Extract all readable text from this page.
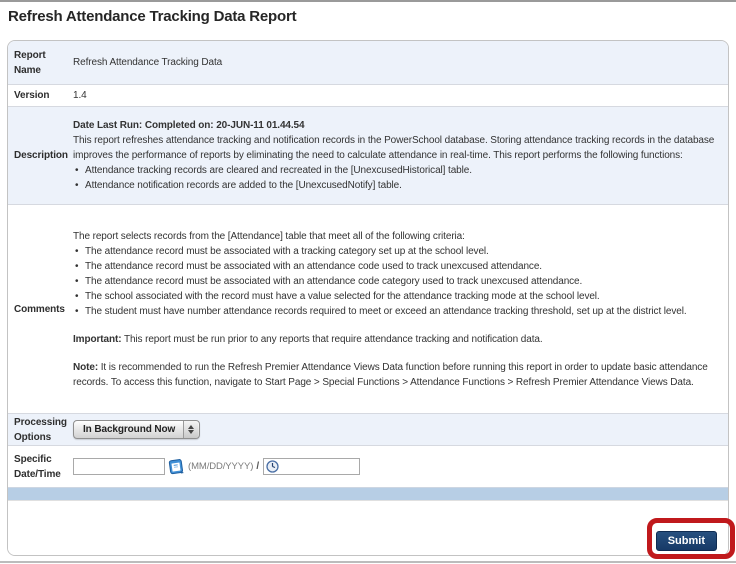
Refresh Attendance Tracking Data Report
Report Name
Refresh Attendance Tracking Data
Version	1.4
Description

Date Last Run: Completed on: 20-JUN-11 01.44.54

This report refreshes attendance tracking and notification records in the PowerSchool database. Storing attendance tracking records in the database improves the performance of reports by eliminating the need to calculate attendance in real-time. This report performs the following functions:

• Attendance tracking records are cleared and recreated in the [UnexcusedHistorical] table.
• Attendance notification records are added to the [UnexcusedNotify] table.
Comments

The report selects records from the [Attendance] table that meet all of the following criteria:

• The attendance record must be associated with a tracking category set up at the school level.
• The attendance record must be associated with an attendance code used to track unexcused attendance.
• The attendance record must be associated with an attendance code category used to track unexcused attendance.
• The school associated with the record must have a value selected for the attendance tracking mode at the school level.
• The student must have number attendance records required to meet or exceed an attendance tracking threshold, set up at the district level.

Important: This report must be run prior to any reports that require attendance tracking and notification data.

Note: It is recommended to run the Refresh Premier Attendance Views Data function before running this report in order to update basic attendance records. To access this function, navigate to Start Page > Special Functions > Attendance Functions > Refresh Premier Attendance Views Data.

Processing Options
In Background Now
Specific Date/Time
(MM/DD/YYYY) /
Submit
